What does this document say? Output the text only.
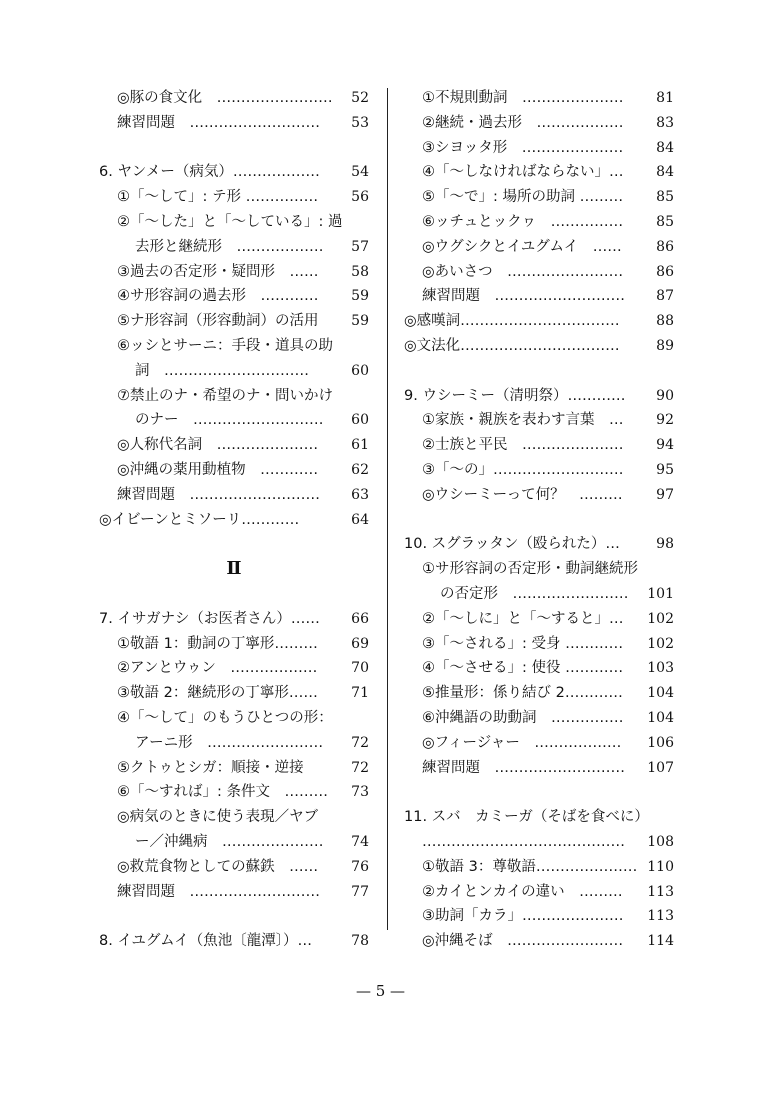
◎豚の食文化　…………………… 52
練習問題　……………………… 53
6. ヤンメー（病気）……………… 54
①「～して」: テ形 …………… 56
②「～した」と「～している」: 過
去形と継続形　……………… 57
③過去の否定形・疑問形　…… 58
④サ形容詞の過去形　………… 59
⑤ナ形容詞（形容動詞）の活用 59
⑥ッシとサーニ：手段・道具の助
詞　…………………………	60
⑦禁止のナ・希望のナ・問いかけ
のナー　……………………… 60
◎人称代名詞　………………… 61
◎沖縄の薬用動植物　………… 62
練習問題　……………………… 63
◎イビーンとミソーリ…………	64
Ⅱ
7. イサガナシ（お医者さん）…… 66
①敬語 1：動詞の丁寧形……… 69
②アンとウゥン　……………… 70
③敬語 2：継続形の丁寧形…… 71
④「～して」のもうひとつの形：
アーニ形　…………………… 72
⑤クトゥとシガ：順接・逆接	72
⑥「～すれば」: 条件文　……… 73
◎病気のときに使う表現／ヤブ
ー／沖縄病　………………… 74
◎救荒食物としての蘇鉄　…… 76
練習問題　……………………… 77
8. イユグムイ（魚池〔龍潭〕）…	78
①不規則動詞　………………… 81
②継続・過去形　……………… 83
③シヨッタ形　………………… 84
④「～しなければならない」… 84
⑤「～で」: 場所の助詞 ……… 85
⑥ッチュとックヮ　…………… 85
◎ウグシクとイユグムイ　…… 86
◎あいさつ　…………………… 86
練習問題　……………………… 87
◎感嘆詞……………………………	88
◎文法化……………………………	89
9. ウシーミー（清明祭）………… 90
①家族・親族を表わす言葉　… 92
②士族と平民　………………… 94
③「～の」……………………… 95
◎ウシーミーって何？　……… 97
10. スグラッタン（殴られた）…	98
①サ形容詞の否定形・動詞継続形
の否定形　…………………… 101
②「～しに」と「～すると」… 102
③「～される」: 受身 ………… 102
④「～させる」: 使役 ………… 103
⑤推量形：係り結び 2………… 104
⑥沖縄語の助動詞　…………… 104
◎フィージャー　……………… 106
練習問題　……………………… 107
11. スバ　カミーガ（そばを食べに）
…………………………………… 108
①敬語 3：尊敬語………………… 110
②カイとンカイの違い　……… 113
③助詞「カラ」………………… 113
◎沖縄そば　…………………… 114
— 5 —
